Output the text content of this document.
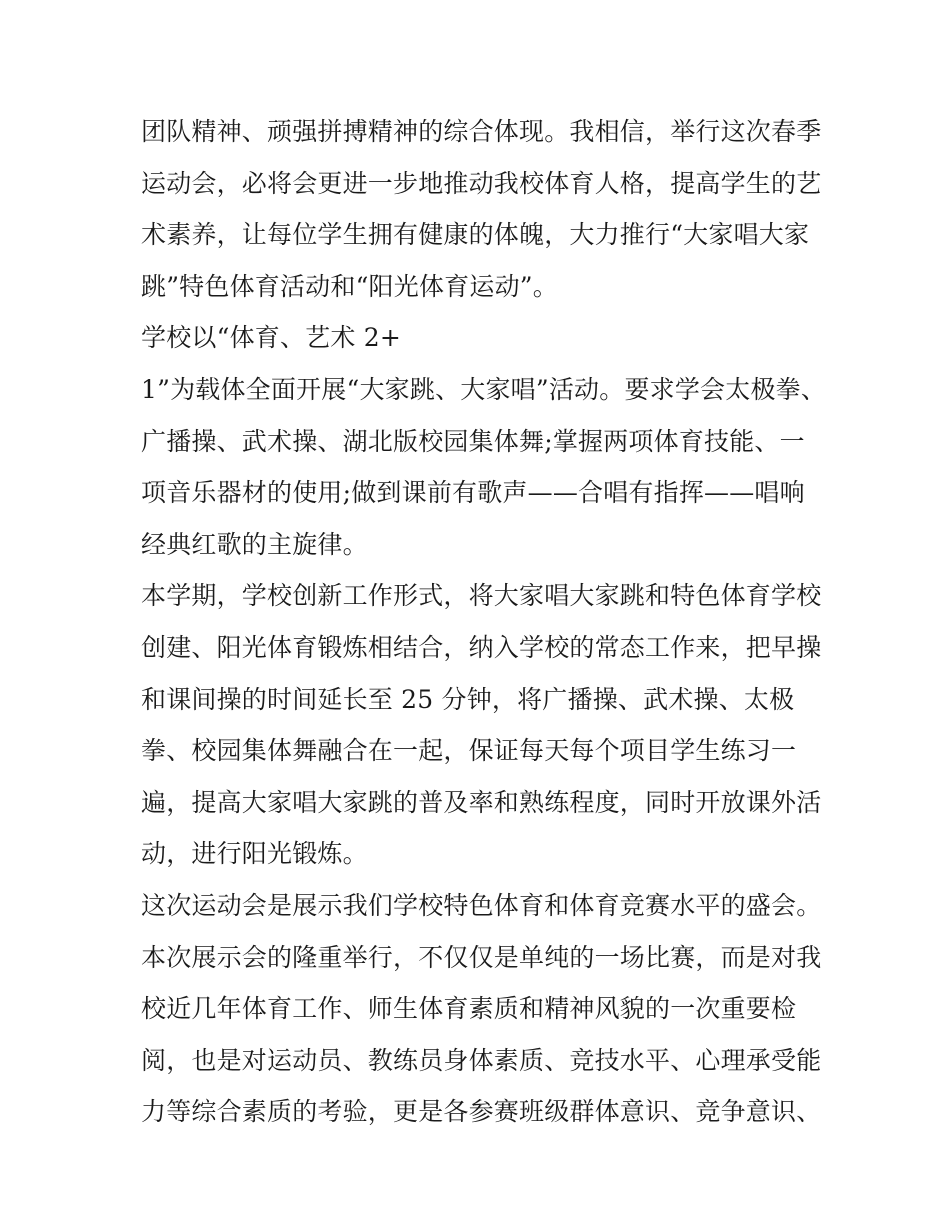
团队精神、顽强拼搏精神的综合体现。我相信，举行这次春季
运动会，必将会更进一步地推动我校体育人格，提高学生的艺
术素养，让每位学生拥有健康的体魄，大力推行“大家唱大家
跳”特色体育活动和“阳光体育运动”。
学校以“体育、艺术 2+
1”为载体全面开展“大家跳、大家唱”活动。要求学会太极拳、
广播操、武术操、湖北版校园集体舞;掌握两项体育技能、一
项音乐器材的使用;做到课前有歌声——合唱有指挥——唱响
经典红歌的主旋律。
本学期，学校创新工作形式，将大家唱大家跳和特色体育学校
创建、阳光体育锻炼相结合，纳入学校的常态工作来，把早操
和课间操的时间延长至 25 分钟，将广播操、武术操、太极
拳、校园集体舞融合在一起，保证每天每个项目学生练习一
遍，提高大家唱大家跳的普及率和熟练程度，同时开放课外活
动，进行阳光锻炼。
这次运动会是展示我们学校特色体育和体育竞赛水平的盛会。
本次展示会的隆重举行，不仅仅是单纯的一场比赛，而是对我
校近几年体育工作、师生体育素质和精神风貌的一次重要检
阅，也是对运动员、教练员身体素质、竞技水平、心理承受能
力等综合素质的考验，更是各参赛班级群体意识、竞争意识、
